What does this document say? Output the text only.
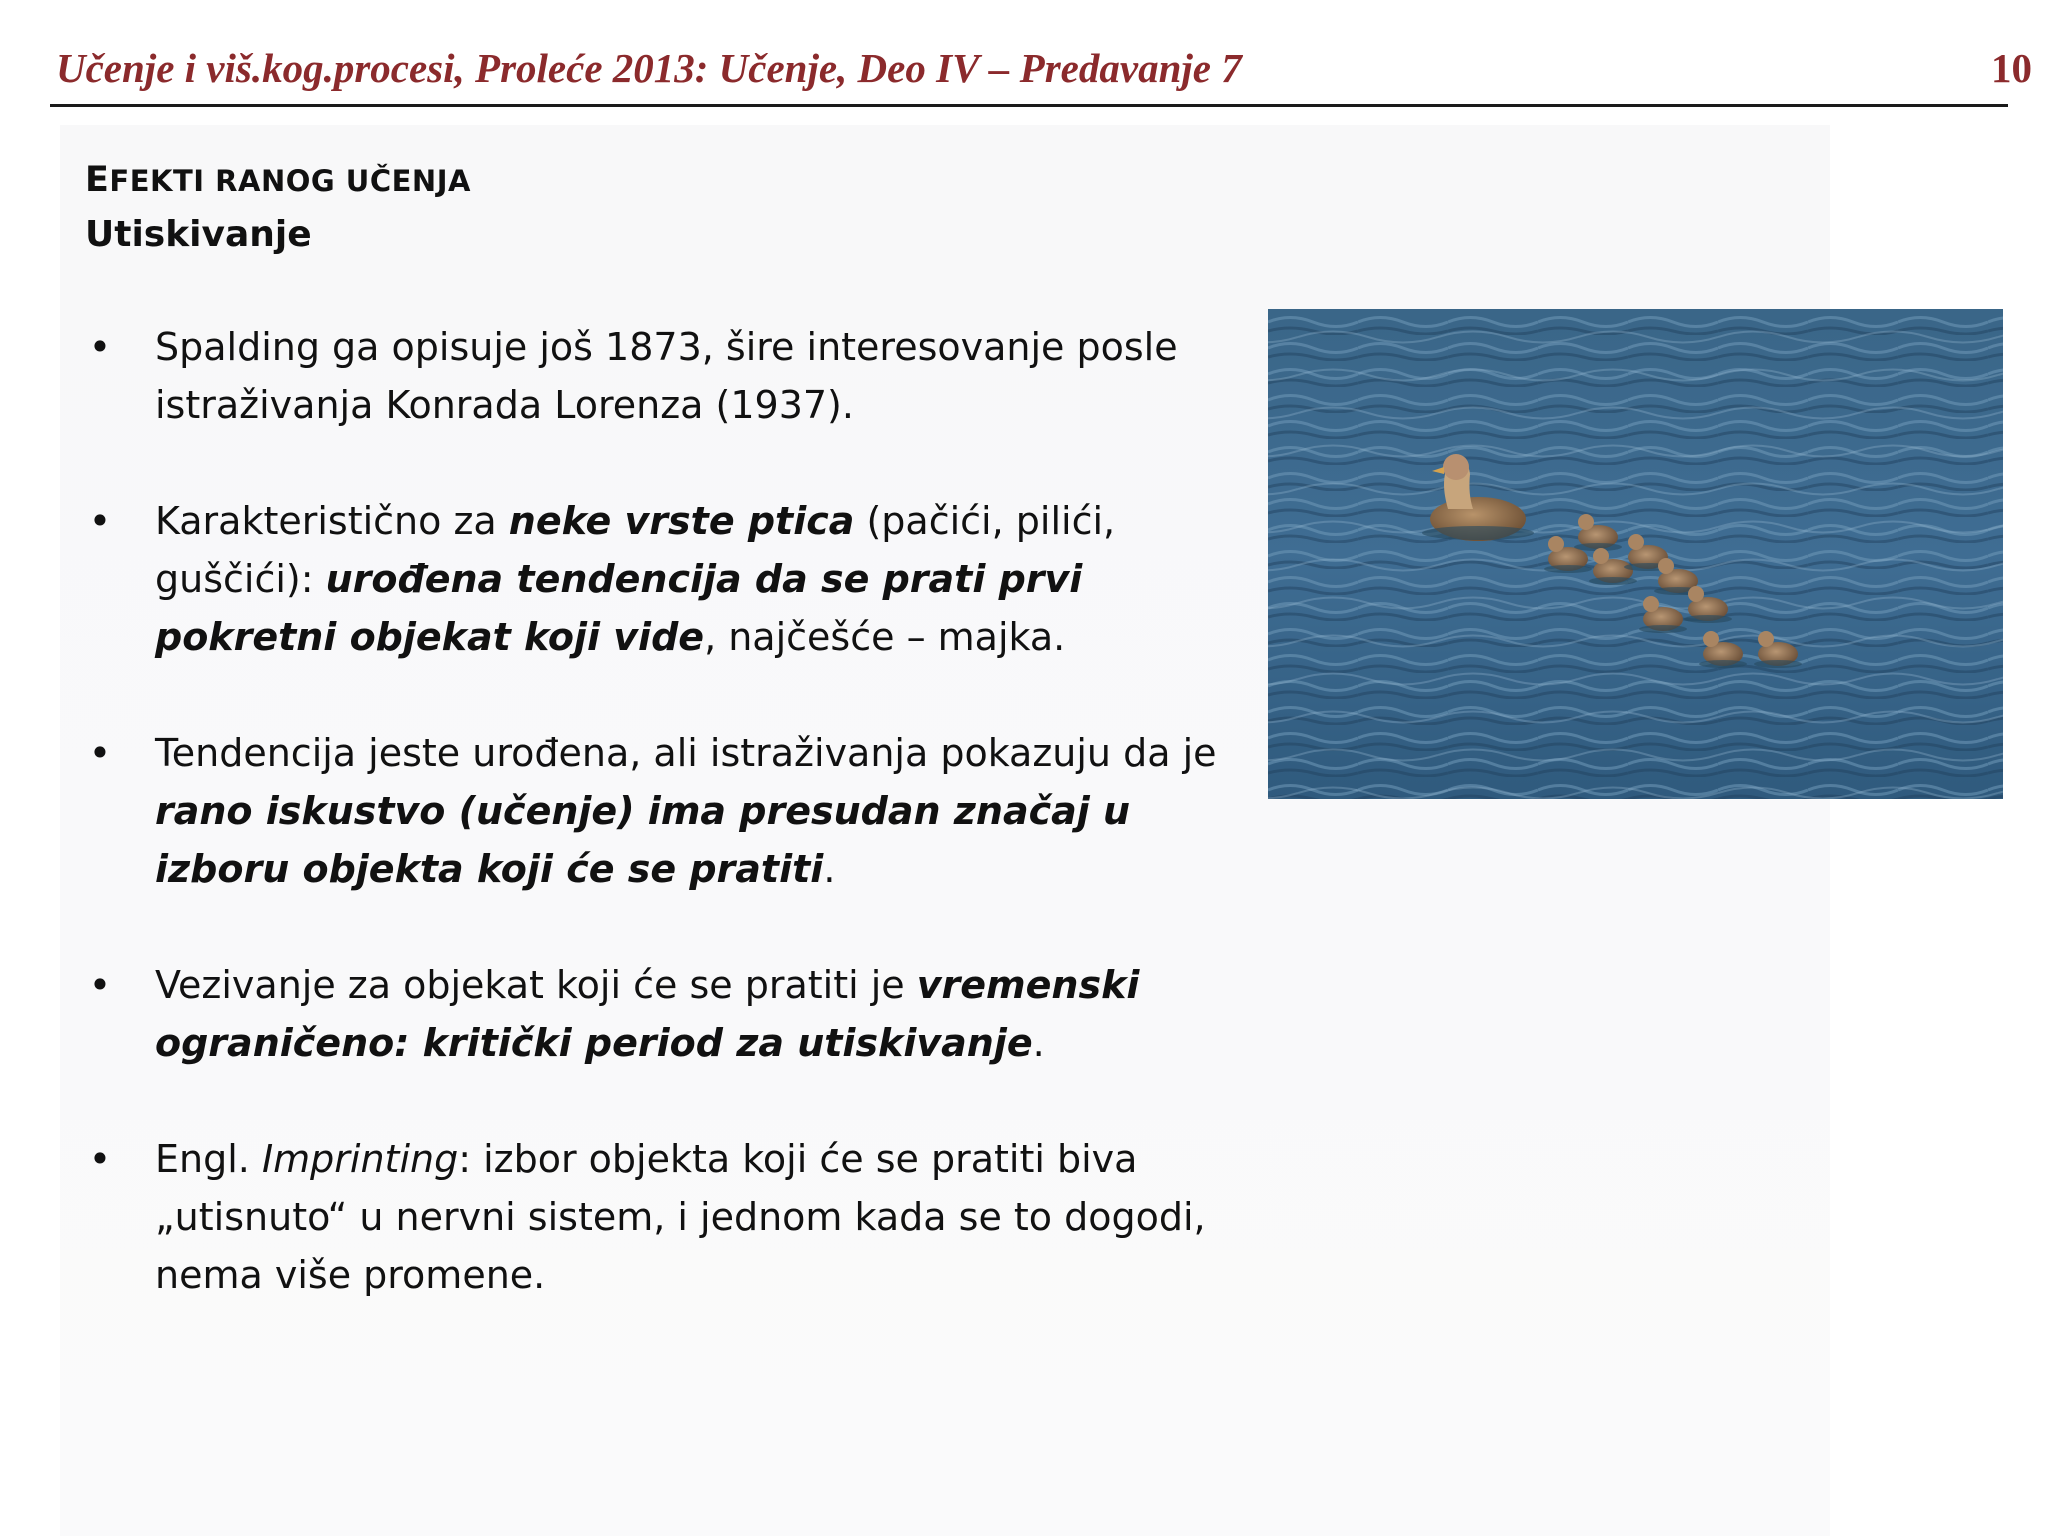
Učenje i viš.kog.procesi, Proleće 2013: Učenje, Deo IV – Predavanje 7	10
EFEKTI RANOG UČENJA
Utiskivanje
• Spalding ga opisuje još 1873, šire interesovanje posle istraživanja Konrada Lorenza (1937).
• Karakteristično za neke vrste ptica (pačići, pilići, guščići): urođena tendencija da se prati prvi pokretni objekat koji vide, najčešće – majka.
• Tendencija jeste urođena, ali istraživanja pokazuju da je rano iskustvo (učenje) ima presudan značaj u izboru objekta koji će se pratiti.
• Vezivanje za objekat koji će se pratiti je vremenski ograničeno: kritički period za utiskivanje.
• Engl. Imprinting: izbor objekta koji će se pratiti biva „utisnuto“ u nervni sistem, i jednom kada se to dogodi, nema više promene.
